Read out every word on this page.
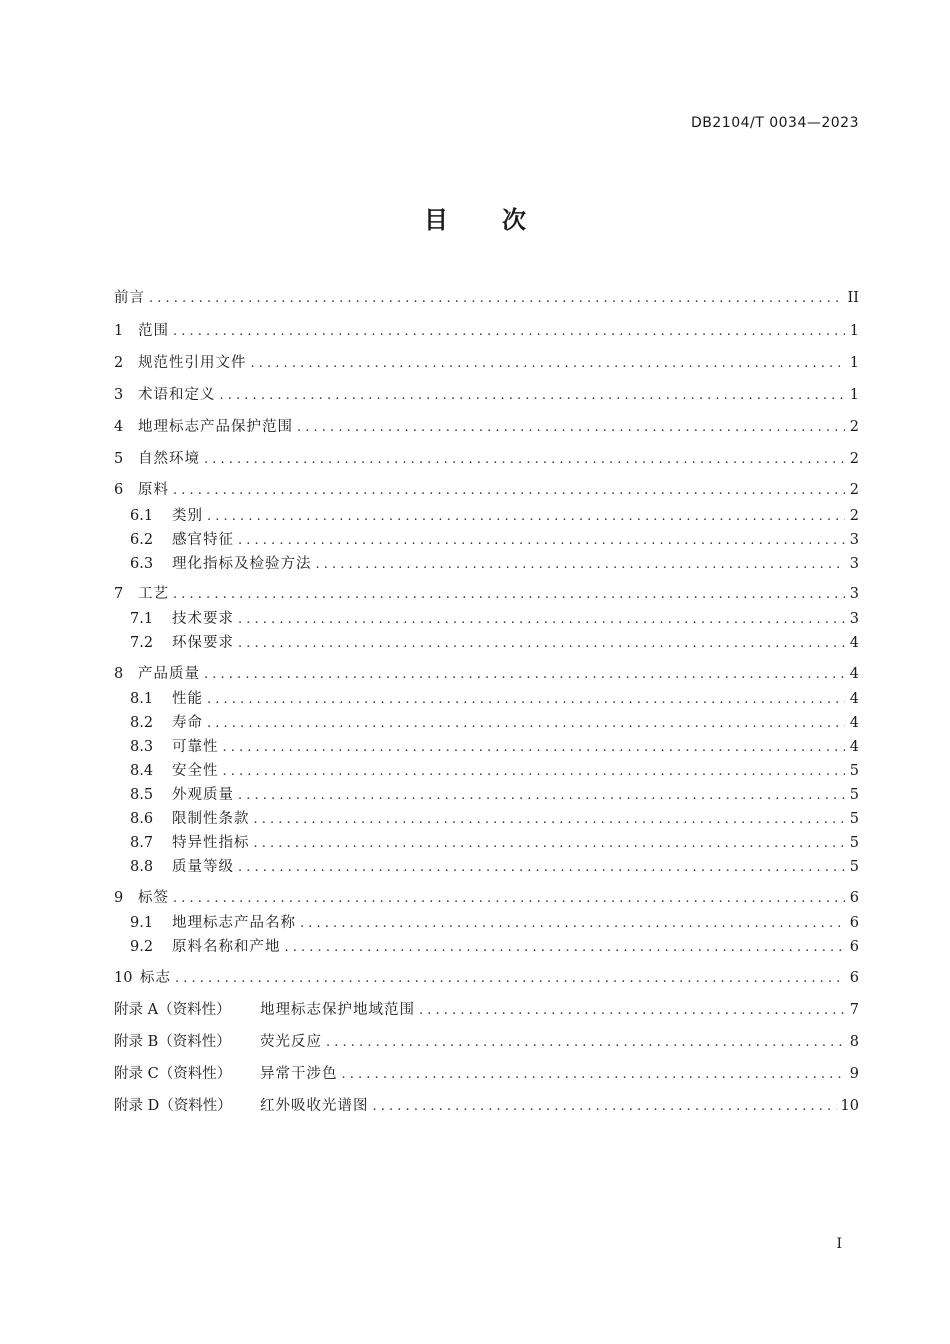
DB2104/T 0034—2023
目 次
前言 . . .	II
1	范围 . . .	1
2	规范性引用文件 . . .	1
3	术语和定义 . . .	1
4	地理标志产品保护范围 . . .	2
5	自然环境 . . .	2
6	原料 . . .	2
6.1	类别 . . .	2
6.2	感官特征 . . .	3
6.3	理化指标及检验方法 . . .	3
7	工艺 . . .	3
7.1	技术要求 . . .	3
7.2	环保要求 . . .	4
8	产品质量 . . .	4
8.1	性能 . . .	4
8.2	寿命 . . .	4
8.3	可靠性 . . .	4
8.4	安全性 . . .	5
8.5	外观质量 . . .	5
8.6	限制性条款 . . .	5
8.7	特异性指标 . . .	5
8.8	质量等级 . . .	5
9	标签 . . .	6
9.1	地理标志产品名称 . . .	6
9.2	原料名称和产地 . . .	6
10 标志 . . .	6
附录 A（资料性）	地理标志保护地域范围 . . .	7
附录 B（资料性）	荧光反应 . . .	8
附录 C（资料性）	异常干涉色 . . .	9
附录 D（资料性）	红外吸收光谱图 . . .	10
I
